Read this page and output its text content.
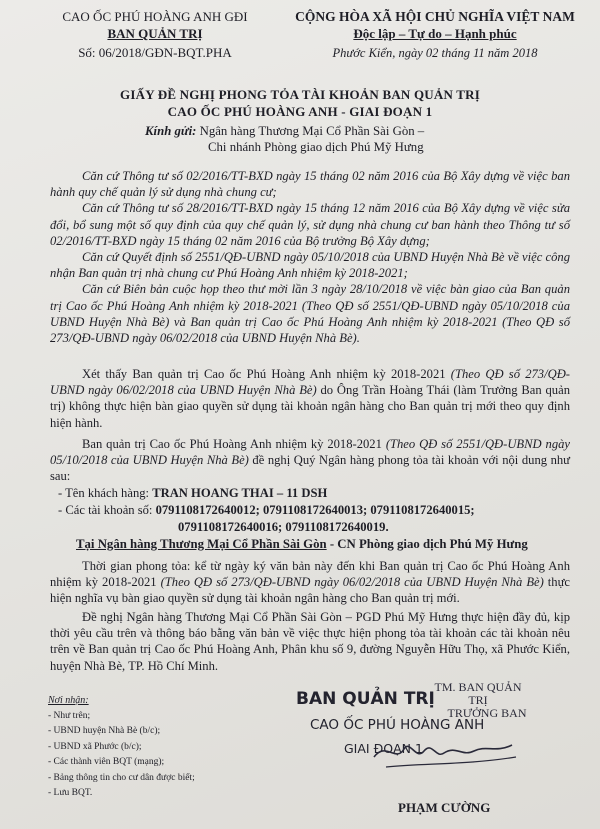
CAO ỐC PHÚ HOÀNG ANH GĐI
BAN QUẢN TRỊ
Số: 06/2018/GĐN-BQT.PHA
CỘNG HÒA XÃ HỘI CHỦ NGHĨA VIỆT NAM
Độc lập – Tự do – Hạnh phúc
Phước Kiển, ngày 02 tháng 11 năm 2018
GIẤY ĐỀ NGHỊ PHONG TỎA TÀI KHOẢN BAN QUẢN TRỊ
CAO ỐC PHÚ HOÀNG ANH - GIAI ĐOẠN 1
Kính gửi: Ngân hàng Thương Mại Cổ Phần Sài Gòn –
Chi nhánh Phòng giao dịch Phú Mỹ Hưng

Căn cứ Thông tư số 02/2016/TT-BXD ngày 15 tháng 02 năm 2016 của Bộ Xây dựng về việc ban hành quy chế quản lý sử dụng nhà chung cư;

Căn cứ Thông tư số 28/2016/TT-BXD ngày 15 tháng 12 năm 2016 của Bộ Xây dựng về việc sửa đổi, bổ sung một số quy định của quy chế quản lý, sử dụng nhà chung cư ban hành theo Thông tư số 02/2016/TT-BXD ngày 15 tháng 02 năm 2016 của Bộ trưởng Bộ Xây dựng;

Căn cứ Quyết định số 2551/QĐ-UBND ngày 05/10/2018 của UBND Huyện Nhà Bè về việc công nhận Ban quản trị nhà chung cư Phú Hoàng Anh nhiệm kỳ 2018-2021;

Căn cứ Biên bản cuộc họp theo thư mời lần 3 ngày 28/10/2018 về việc bàn giao của Ban quản trị Cao ốc Phú Hoàng Anh nhiệm kỳ 2018-2021 (Theo QĐ số 2551/QĐ-UBND ngày 05/10/2018 của UBND Huyện Nhà Bè) và Ban quản trị Cao ốc Phú Hoàng Anh nhiệm kỳ 2018-2021 (Theo QĐ số 273/QĐ-UBND ngày 06/02/2018 của UBND Huyện Nhà Bè).

Xét thấy Ban quản trị Cao ốc Phú Hoàng Anh nhiệm kỳ 2018-2021 (Theo QĐ số 273/QĐ-UBND ngày 06/02/2018 của UBND Huyện Nhà Bè) do Ông Trần Hoàng Thái (làm Trưởng Ban quản trị) không thực hiện bàn giao quyền sử dụng tài khoản ngân hàng cho Ban quản trị mới theo quy định hiện hành.

Ban quản trị Cao ốc Phú Hoàng Anh nhiệm kỳ 2018-2021 (Theo QĐ số 2551/QĐ-UBND ngày 05/10/2018 của UBND Huyện Nhà Bè) đề nghị Quý Ngân hàng phong tỏa tài khoản với nội dung như sau:

- Tên khách hàng: TRAN HOANG THAI – 11 DSH
- Các tài khoản số: 0791108172640012; 0791108172640013; 0791108172640015;
0791108172640016; 0791108172640019.
Tại Ngân hàng Thương Mại Cổ Phần Sài Gòn - CN Phòng giao dịch Phú Mỹ Hưng

Thời gian phong tỏa: kể từ ngày ký văn bản này đến khi Ban quản trị Cao ốc Phú Hoàng Anh nhiệm kỳ 2018-2021 (Theo QĐ số 273/QĐ-UBND ngày 06/02/2018 của UBND Huyện Nhà Bè) thực hiện nghĩa vụ bàn giao quyền sử dụng tài khoản ngân hàng cho Ban quản trị mới.

Đề nghị Ngân hàng Thương Mại Cổ Phần Sài Gòn – PGD Phú Mỹ Hưng thực hiện đầy đủ, kịp thời yêu cầu trên và thông báo bằng văn bản về việc thực hiện phong tỏa tài khoản các tài khoản nêu trên về Ban quản trị Cao ốc Phú Hoàng Anh, Phân khu số 9, đường Nguyễn Hữu Thọ, xã Phước Kiển, huyện Nhà Bè, TP. Hồ Chí Minh.

Nơi nhận:
- Như trên;
- UBND huyện Nhà Bè (b/c);
- UBND xã Phước (b/c);
- Các thành viên BQT (mạng);
- Bảng thông tin cho cư dân được biết;
- Lưu BQT.
BAN QUẢN TRỊ
CAO ỐC PHÚ HOÀNG ANH
GIAI ĐOẠN 1
TM. BAN QUẢN TRỊ
TRƯỞNG BAN
PHẠM CƯỜNG
